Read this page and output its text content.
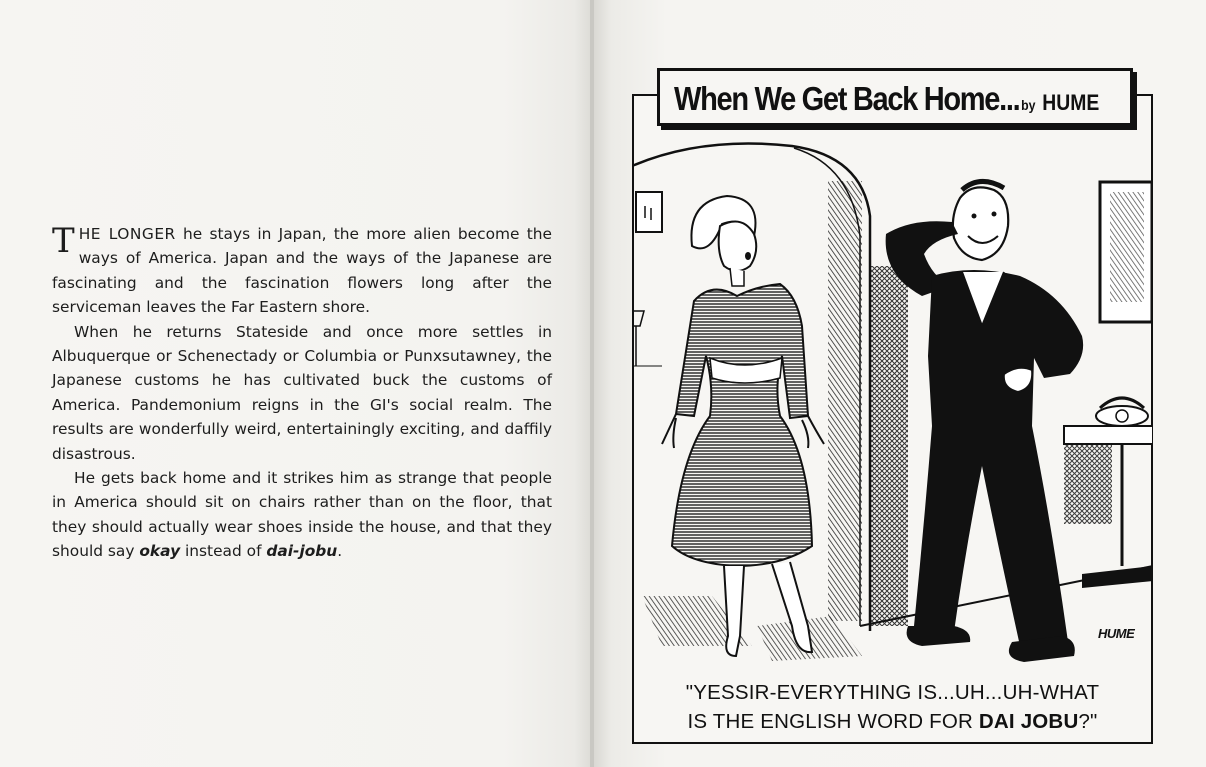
THE LONGER he stays in Japan, the more alien become the ways of America. Japan and the ways of the Japanese are fascinating and the fascination flowers long after the serviceman leaves the Far Eastern shore.

When he returns Stateside and once more settles in Albuquerque or Schenectady or Columbia or Punxsutawney, the Japanese customs he has cultivated buck the customs of America. Pandemonium reigns in the GI's social realm. The results are wonderfully weird, entertainingly exciting, and daffily disastrous.

He gets back home and it strikes him as strange that people in America should sit on chairs rather than on the floor, that they should actually wear shoes inside the house, and that they should say okay instead of dai-jobu.

When We Get Back Home... by HUME
HUME
"YESSIR-EVERYTHING IS...UH...UH-WHAT
IS THE ENGLISH WORD FOR DAI JOBU?"
